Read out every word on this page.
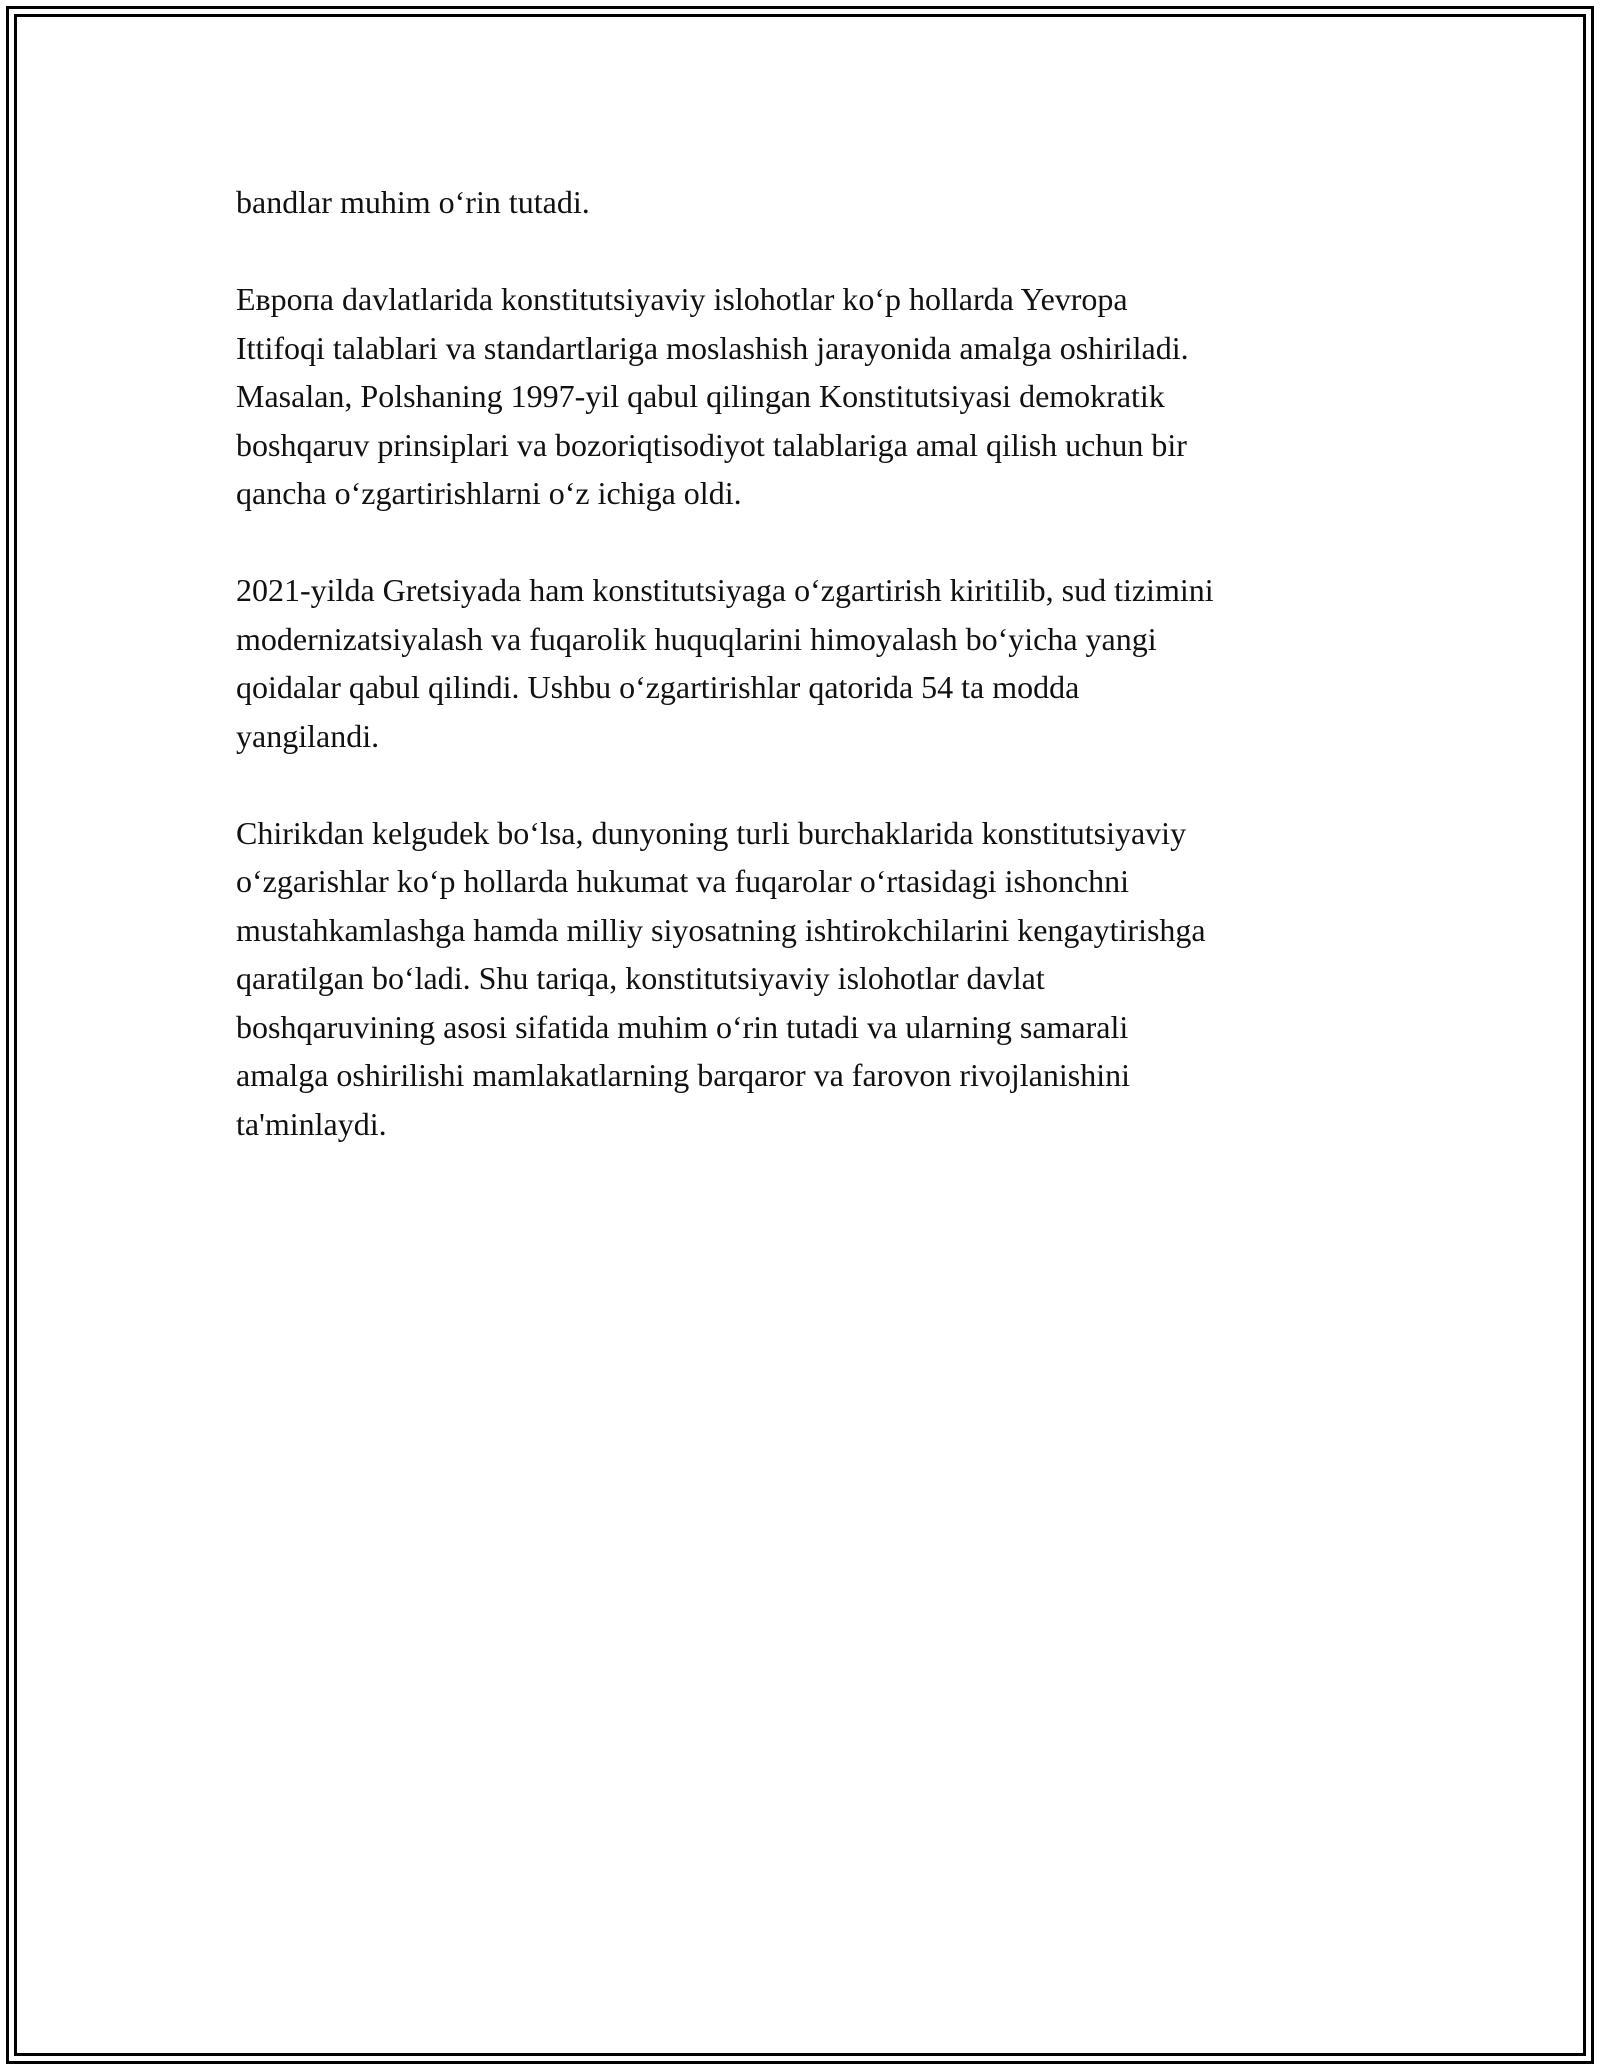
bandlar muhim o‘rin tutadi.

Европа davlatlarida konstitutsiyaviy islohotlar ko‘p hollarda Yevropa
Ittifoqi talablari va standartlariga moslashish jarayonida amalga oshiriladi.
Masalan, Polshaning 1997-yil qabul qilingan Konstitutsiyasi demokratik
boshqaruv prinsiplari va bozoriqtisodiyot talablariga amal qilish uchun bir
qancha o‘zgartirishlarni o‘z ichiga oldi.

2021-yilda Gretsiyada ham konstitutsiyaga o‘zgartirish kiritilib, sud tizimini
modernizatsiyalash va fuqarolik huquqlarini himoyalash bo‘yicha yangi
qoidalar qabul qilindi. Ushbu o‘zgartirishlar qatorida 54 ta modda
yangilandi.

Chirikdan kelgudek bo‘lsa, dunyoning turli burchaklarida konstitutsiyaviy
o‘zgarishlar ko‘p hollarda hukumat va fuqarolar o‘rtasidagi ishonchni
mustahkamlashga hamda milliy siyosatning ishtirokchilarini kengaytirishga
qaratilgan bo‘ladi. Shu tariqa, konstitutsiyaviy islohotlar davlat
boshqaruvining asosi sifatida muhim o‘rin tutadi va ularning samarali
amalga oshirilishi mamlakatlarning barqaror va farovon rivojlanishini
ta'minlaydi.
